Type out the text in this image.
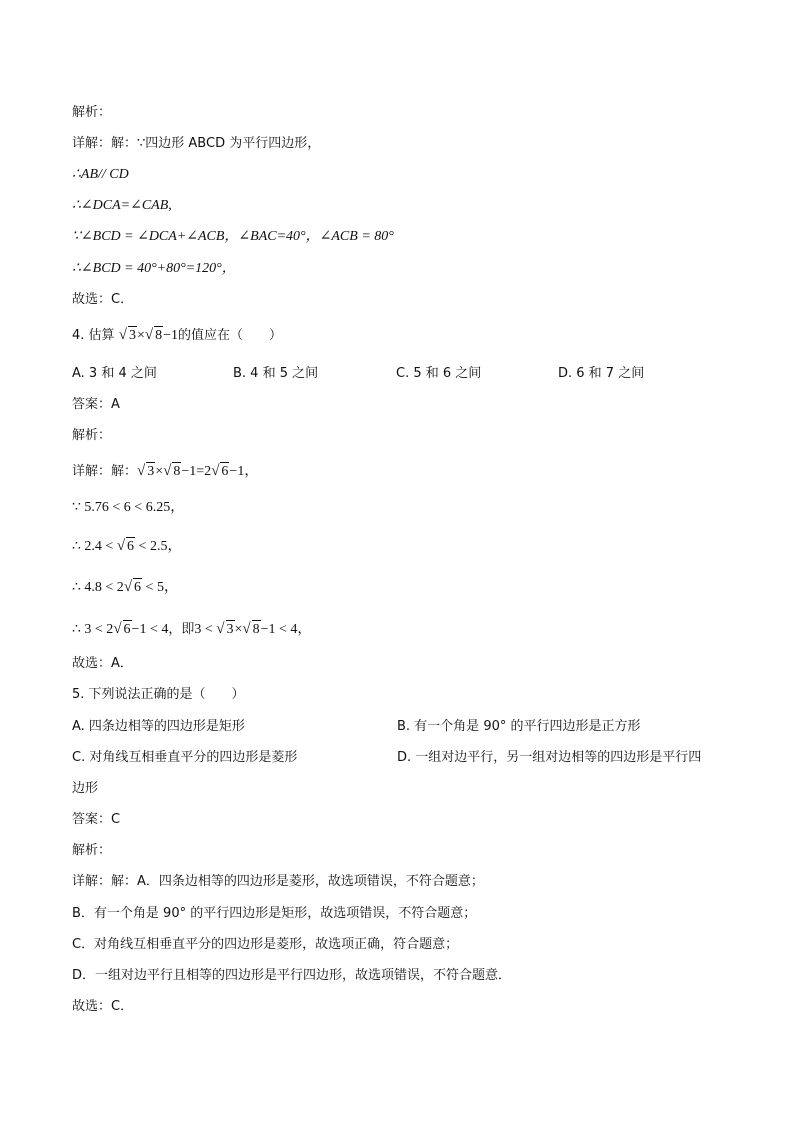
解析：
详解：解：∵四边形 ABCD 为平行四边形，
∴AB// CD
∴∠DCA=∠CAB,
∵∠BCD = ∠DCA+∠ACB，∠BAC=40°，∠ACB = 80°
∴∠BCD = 40°+80°=120°，
故选：C．
4. 估算 √ 3×√ 8−1的值应在（　　）
A. 3 和 4 之间	B. 4 和 5 之间	C. 5 和 6 之间	D. 6 和 7 之间
答案：A
解析：
详解：解：√ 3×√ 8−1=2√ 6−1，
∵ 5.76 < 6 < 6.25，
∴ 2.4 < √ 6 < 2.5，
∴ 4.8 < 2√ 6 < 5，
∴ 3 < 2√ 6−1 < 4，即3 < √ 3×√ 8−1 < 4，
故选：A．
5. 下列说法正确的是（　　）
A. 四条边相等的四边形是矩形	B. 有一个角是 90° 的平行四边形是正方形
C. 对角线互相垂直平分的四边形是菱形	D. 一组对边平行，另一组对边相等的四边形是平行四
边形
答案：C
解析：
详解：解：A．四条边相等的四边形是菱形，故选项错误，不符合题意；
B．有一个角是 90° 的平行四边形是矩形，故选项错误，不符合题意；
C．对角线互相垂直平分的四边形是菱形，故选项正确，符合题意；
D．一组对边平行且相等的四边形是平行四边形，故选项错误，不符合题意．
故选：C．
